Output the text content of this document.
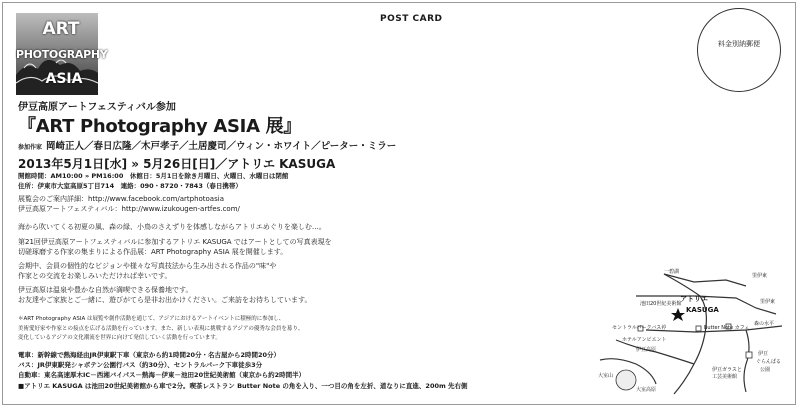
ART
PHOTOGRAPHY
ASIA
POST CARD
料金別納郵便
伊豆高原アートフェスティバル参加
『ART Photography ASIA 展』
参加作家 岡崎正人／春日広隆／木戸孝子／土居慶司／ウィン・ホワイト／ピーター・ミラー
2013年5月1日[水] » 5月26日[日]／アトリエ KASUGA
開館時間：AM10:00 » PM16:00　休館日：5月1日を除き月曜日、火曜日、水曜日は閉館
住所：伊東市大室高原5丁目714　連絡：090・8720・7843（春日携帯）
展覧会のご案内詳細：http://www.facebook.com/artphotoasia
伊豆高原アートフェスティバル：http://www.izukougen-artfes.com/
海から吹いてくる初夏の風、森の緑、小鳥のさえずりを体感しながらアトリエめぐりを楽しむ…。
第21回伊豆高原アートフェスティバルに参加するアトリエ KASUGA ではアートとしての写真表現を
切磋琢磨する作家の集まりによる作品展：ART Photography ASIA 展を開催します。
会期中、会員の個性的なビジョンや様々な写真技法から生み出される作品の"味"や
作家との交流をお楽しみいただければ幸いです。
伊豆高原は温泉や豊かな自然が満喫できる保養地です。
お友達やご家族とご一緒に、遊びがてら是非お出かけください。ご来訪をお待ちしています。
＊ART Photography ASIA は展覧や創作活動を通じて、アジアにおけるアートイベントに積極的に参加し、
美術愛好家や作家との接点を広げる活動を行っています。また、新しい表現に挑戦するアジアの優秀な会員を募り、
変化しているアジアの文化潮流を世界に向けて発信していく活動を行っています。
電車：新幹線で熱海経由JR伊東駅下車（東京から約1時間20分・名古屋から2時間20分）
バス：JR伊東駅発シャボテン公園行バス（約30分）、セントラルパーク下車徒歩3分
自動車：東名高速厚木IC－西湘バイパス－熱海－伊東－池田20世紀美術館（東京から約2時間半）
■アトリエ KASUGA は池田20世紀美術館から車で2分。喫茶レストラン Butter Note の角を入り、一つ目の角を左折、道なりに直進、200m 先右側
一碧湖
里伊東
池田20世紀美術館
アトリエ
KASUGA
里伊東
セントラルパークバス停	Butter Note カフェ
森の水平
ホテルアンビエント
伊豆高原
伊豆
ぐらんぱる
公園
伊豆ガラスと
工芸美術館
大室山
大室高原
